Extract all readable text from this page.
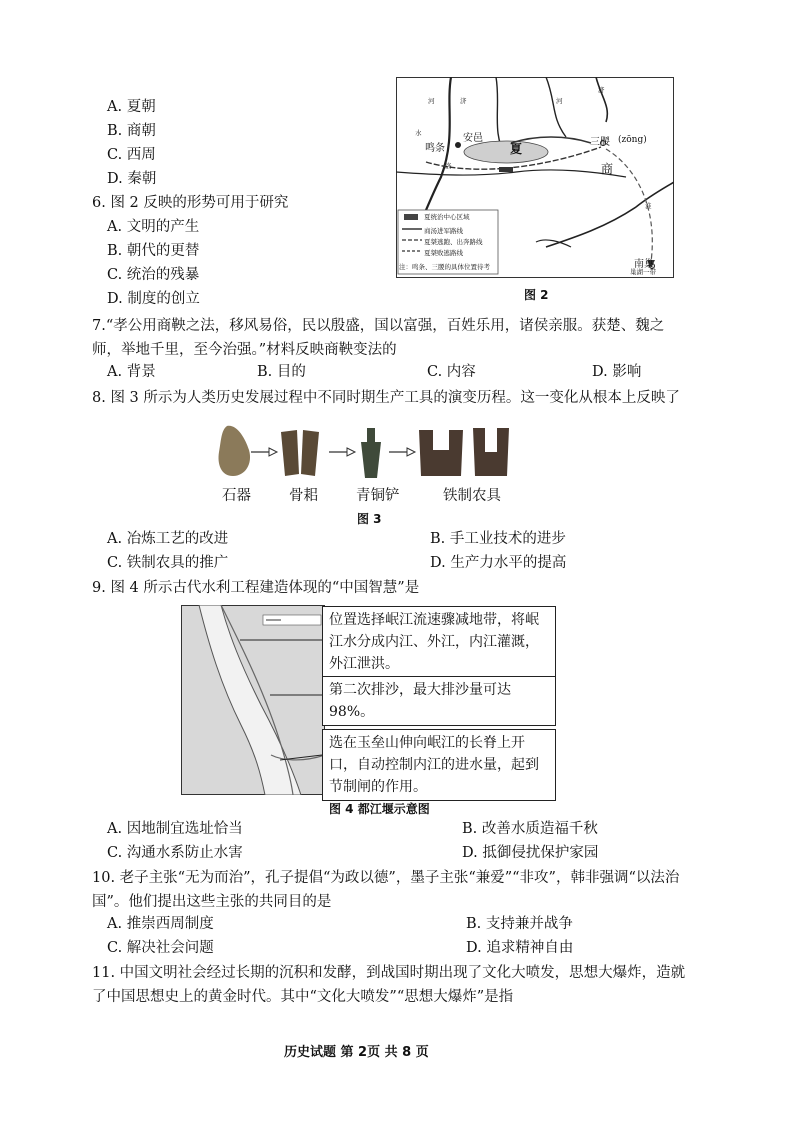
A. 夏朝
B. 商朝
C. 西周
D. 秦朝
6. 图 2 反映的形势可用于研究
A. 文明的产生
B. 朝代的更替
C. 统治的残暴
D. 制度的创立
河	济	河
济
水	安邑
鸣条	夏	三朡 (zōng)
商
洛
淮
南巢
巢湖一带
夏统治中心区域
商汤进军路线
夏桀逃跑、出奔路线
夏桀败逃路线
注：鸣条、三朡的具体位置待考
图 2
7.“孝公用商鞅之法，移风易俗，民以殷盛，国以富强，百姓乐用，诸侯亲服。获楚、魏之师，举地千里，至今治强。”材料反映商鞅变法的
A. 背景	B. 目的	C. 内容	D. 影响
8. 图 3 所示为人类历史发展过程中不同时期生产工具的演变历程。这一变化从根本上反映了
石器	骨耜	青铜铲	铁制农具
图 3
A. 冶炼工艺的改进	B. 手工业技术的进步
C. 铁制农具的推广	D. 生产力水平的提高
9. 图 4 所示古代水利工程建造体现的“中国智慧”是
位置选择岷江流速骤减地带，将岷江水分成内江、外江，内江灌溉，外江泄洪。
第二次排沙，最大排沙量可达98%。
选在玉垒山伸向岷江的长脊上开口，自动控制内江的进水量，起到节制闸的作用。
图 4 都江堰示意图
A. 因地制宜选址恰当	B. 改善水质造福千秋
C. 沟通水系防止水害	D. 抵御侵扰保护家园
10. 老子主张“无为而治”，孔子提倡“为政以德”，墨子主张“兼爱”“非攻”，韩非强调“以法治国”。他们提出这些主张的共同目的是
A. 推崇西周制度	B. 支持兼并战争
C. 解决社会问题	D. 追求精神自由
11. 中国文明社会经过长期的沉积和发酵，到战国时期出现了文化大喷发，思想大爆炸，造就了中国思想史上的黄金时代。其中“文化大喷发”“思想大爆炸”是指
历史试题 第 2页 共 8 页
